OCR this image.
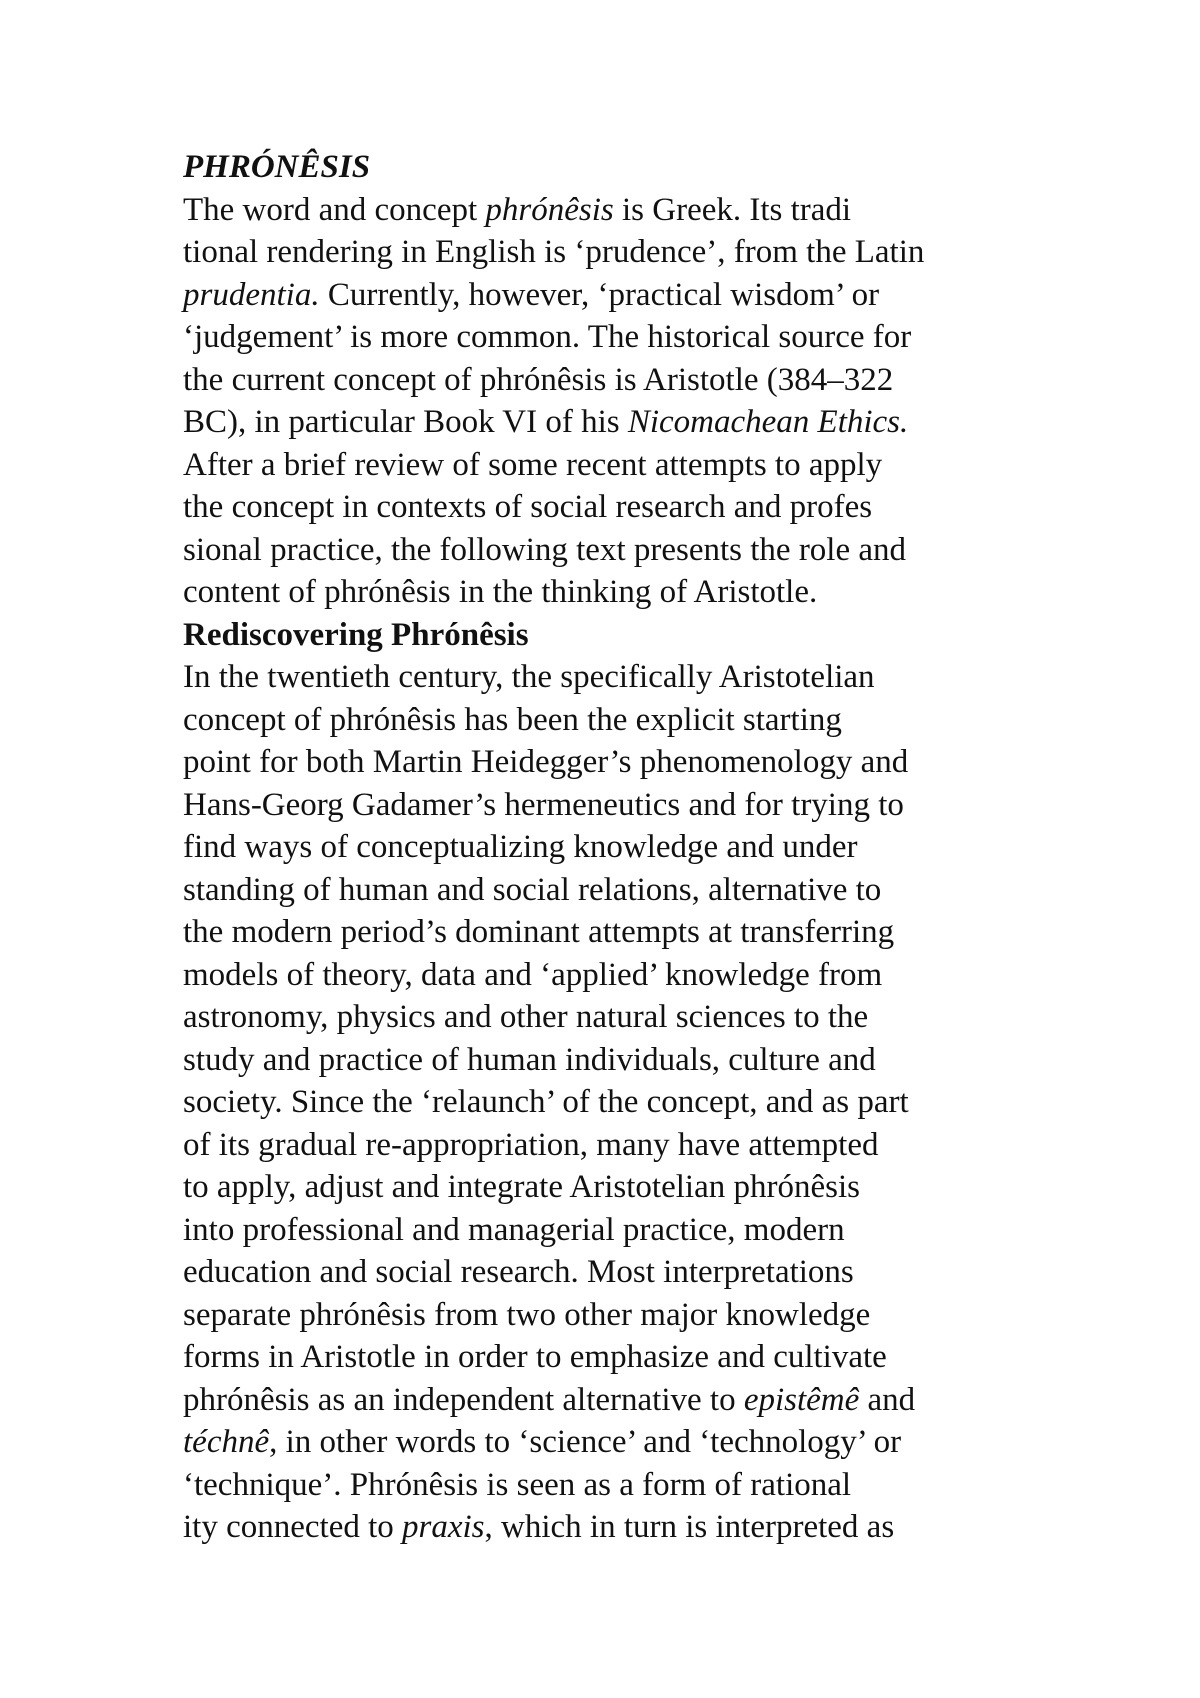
PHRÓNÊSIS
The word and concept phrónêsis is Greek. Its tradi
tional rendering in English is ‘prudence’, from the Latin
prudentia. Currently, however, ‘practical wisdom’ or
‘judgement’ is more common. The historical source for
the current concept of phrónêsis is Aristotle (384–322
BC), in particular Book VI of his Nicomachean Ethics.
After a brief review of some recent attempts to apply
the concept in contexts of social research and profes
sional practice, the following text presents the role and
content of phrónêsis in the thinking of Aristotle.
Rediscovering Phrónêsis
In the twentieth century, the specifically Aristotelian
concept of phrónêsis has been the explicit starting
point for both Martin Heidegger’s phenomenology and
Hans-Georg Gadamer’s hermeneutics and for trying to
find ways of conceptualizing knowledge and under
standing of human and social relations, alternative to
the modern period’s dominant attempts at transferring
models of theory, data and ‘applied’ knowledge from
astronomy, physics and other natural sciences to the
study and practice of human individuals, culture and
society. Since the ‘relaunch’ of the concept, and as part
of its gradual re-appropriation, many have attempted
to apply, adjust and integrate Aristotelian phrónêsis
into professional and managerial practice, modern
education and social research. Most interpretations
separate phrónêsis from two other major knowledge
forms in Aristotle in order to emphasize and cultivate
phrónêsis as an independent alternative to epistêmê and
téchnê, in other words to ‘science’ and ‘technology’ or
‘technique’. Phrónêsis is seen as a form of rational
ity connected to praxis, which in turn is interpreted as
